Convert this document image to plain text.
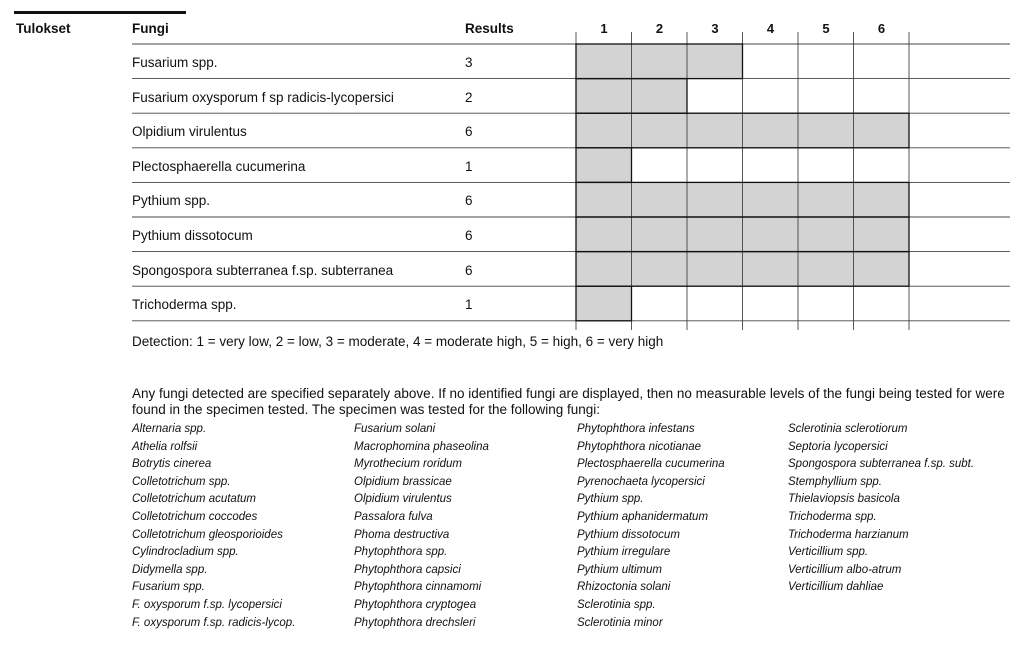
Tulokset	Fungi	Results	1	2	3	4	5	6
Fusarium spp.	3
Fusarium oxysporum f sp radicis-lycopersici	2
Olpidium virulentus	6
Plectosphaerella cucumerina	1
Pythium spp.	6
Pythium dissotocum	6
Spongospora subterranea f.sp. subterranea	6
Trichoderma spp.	1
Detection: 1 = very low, 2 = low, 3 = moderate, 4 = moderate high, 5 = high, 6 = very high
Any fungi detected are specified separately above. If no identified fungi are displayed, then no measurable levels of the fungi being tested for were found in the specimen tested. The specimen was tested for the following fungi:
Alternaria spp.
Athelia rolfsii
Botrytis cinerea
Colletotrichum spp.
Colletotrichum acutatum
Colletotrichum coccodes
Colletotrichum gleosporioides
Cylindrocladium spp.
Didymella spp.
Fusarium spp.
F. oxysporum f.sp. lycopersici
F. oxysporum f.sp. radicis-lycop.
Fusarium solani
Macrophomina phaseolina
Myrothecium roridum
Olpidium brassicae
Olpidium virulentus
Passalora fulva
Phoma destructiva
Phytophthora spp.
Phytophthora capsici
Phytophthora cinnamomi
Phytophthora cryptogea
Phytophthora drechsleri
Phytophthora infestans
Phytophthora nicotianae
Plectosphaerella cucumerina
Pyrenochaeta lycopersici
Pythium spp.
Pythium aphanidermatum
Pythium dissotocum
Pythium irregulare
Pythium ultimum
Rhizoctonia solani
Sclerotinia spp.
Sclerotinia minor
Sclerotinia sclerotiorum
Septoria lycopersici
Spongospora subterranea f.sp. subt.
Stemphyllium spp.
Thielaviopsis basicola
Trichoderma spp.
Trichoderma harzianum
Verticillium spp.
Verticillium albo-atrum
Verticillium dahliae
